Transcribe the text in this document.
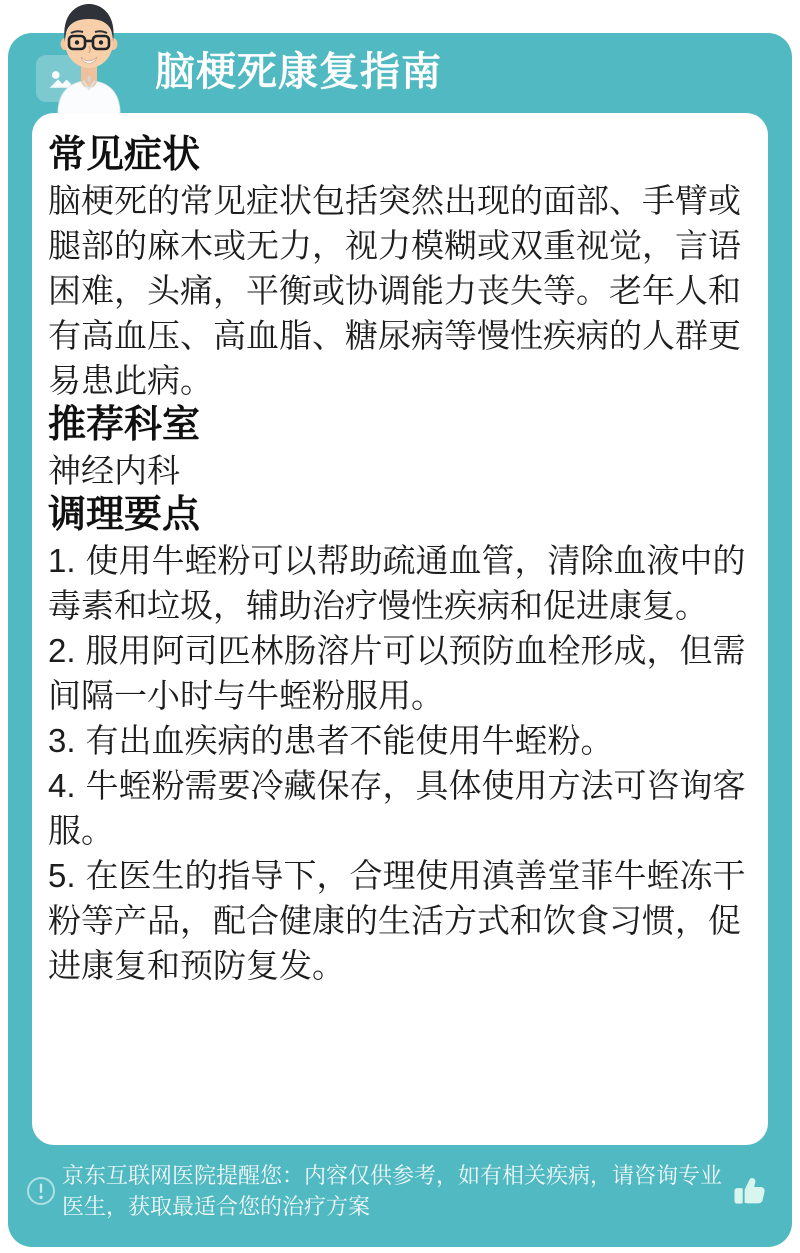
脑梗死康复指南
常见症状

脑梗死的常见症状包括突然出现的面部、手臂或腿部的麻木或无力，视力模糊或双重视觉，言语困难，头痛，平衡或协调能力丧失等。老年人和有高血压、高血脂、糖尿病等慢性疾病的人群更易患此病。

推荐科室

神经内科

调理要点

1. 使用牛蛭粉可以帮助疏通血管，清除血液中的毒素和垃圾，辅助治疗慢性疾病和促进康复。

2. 服用阿司匹林肠溶片可以预防血栓形成，但需间隔一小时与牛蛭粉服用。

3. 有出血疾病的患者不能使用牛蛭粉。

4. 牛蛭粉需要冷藏保存，具体使用方法可咨询客服。

5. 在医生的指导下，合理使用滇善堂菲牛蛭冻干粉等产品，配合健康的生活方式和饮食习惯，促进康复和预防复发。

京东互联网医院提醒您：内容仅供参考，如有相关疾病，请咨询专业医生，获取最适合您的治疗方案
